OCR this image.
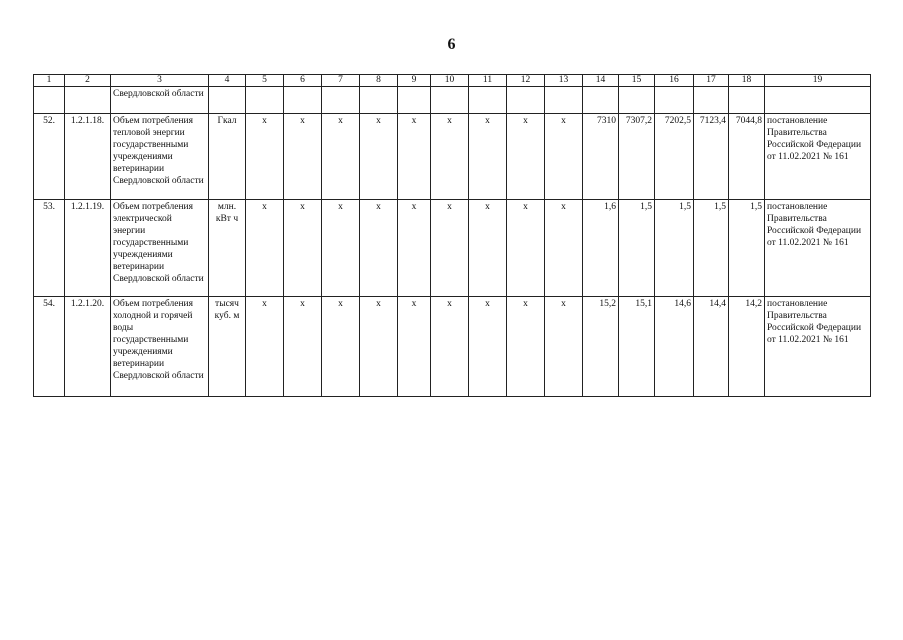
6
1	2	3	4	5	6	7	8	9	10	11	12	13	14	15	16	17	18	19
		Свердловской области																
52.	1.2.1.18.	Объем потребления тепловой энергии государственными учреждениями ветеринарии Свердловской области	Гкал	х	х	х	х	х	х	х	х	х	7310	7307,2	7202,5	7123,4	7044,8	постановление Правительства Российской Федерации от 11.02.2021 № 161
53.	1.2.1.19.	Объем потребления электрической энергии государственными учреждениями ветеринарии Свердловской области	млн. кВт ч	х	х	х	х	х	х	х	х	х	1,6	1,5	1,5	1,5	1,5	постановление Правительства Российской Федерации от 11.02.2021 № 161
54.	1.2.1.20.	Объем потребления холодной и горячей воды государственными учреждениями ветеринарии Свердловской области	тысяч куб. м	х	х	х	х	х	х	х	х	х	15,2	15,1	14,6	14,4	14,2	постановление Правительства Российской Федерации от 11.02.2021 № 161
